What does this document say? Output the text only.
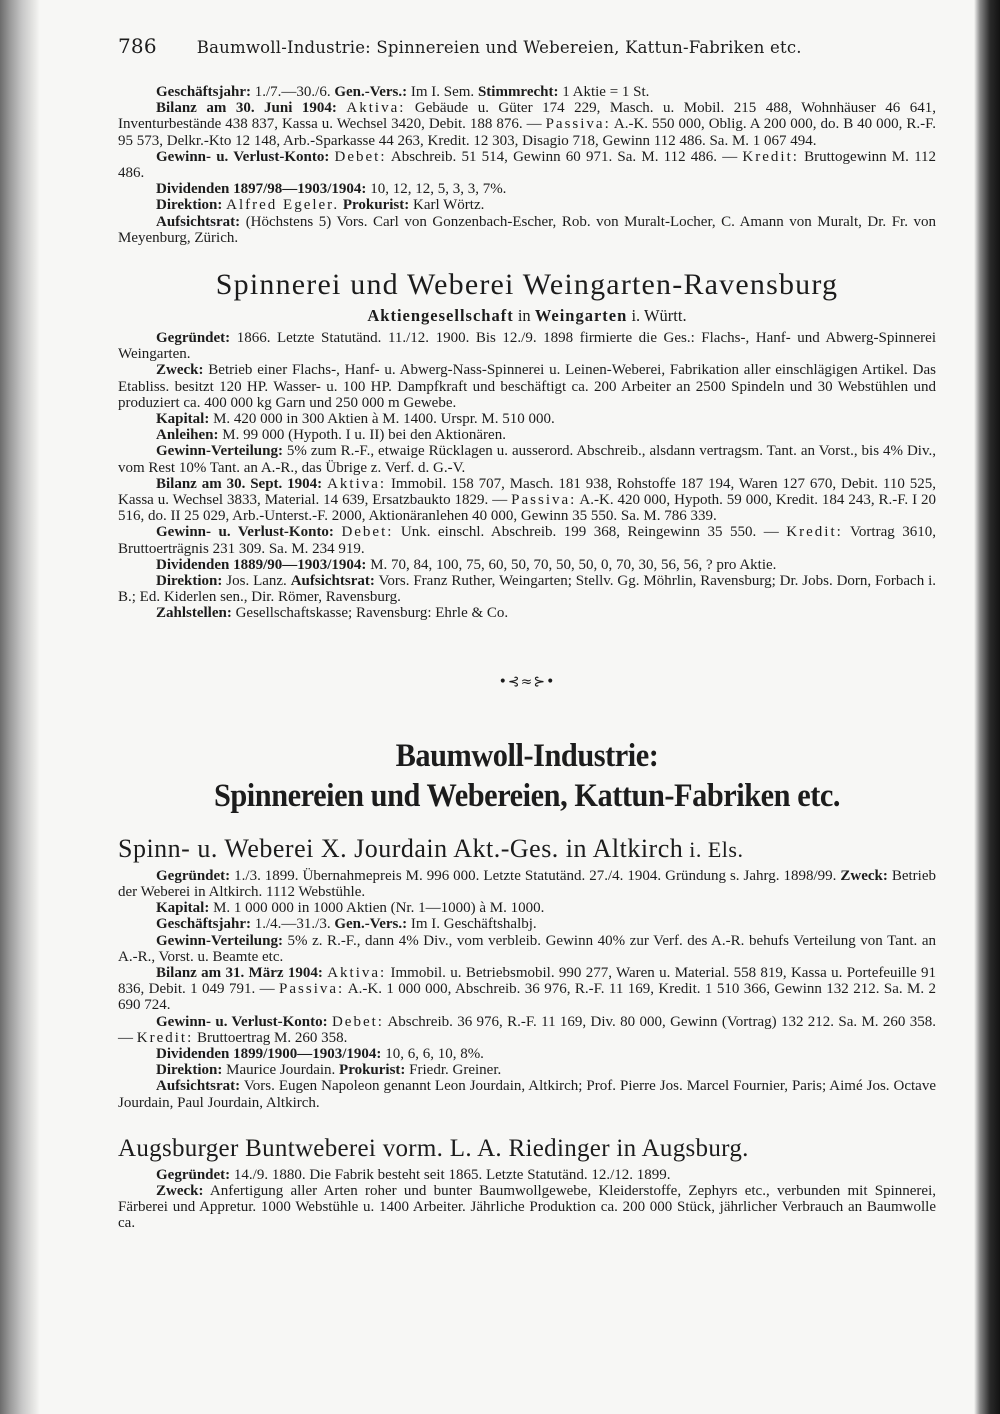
786 Baumwoll-Industrie: Spinnereien und Webereien, Kattun-Fabriken etc.

Geschäftsjahr: 1./7.—30./6. Gen.-Vers.: Im I. Sem. Stimmrecht: 1 Aktie = 1 St.

Bilanz am 30. Juni 1904: Aktiva: Gebäude u. Güter 174 229, Masch. u. Mobil. 215 488, Wohnhäuser 46 641, Inventurbestände 438 837, Kassa u. Wechsel 3420, Debit. 188 876. — Passiva: A.-K. 550 000, Oblig. A 200 000, do. B 40 000, R.-F. 95 573, Delkr.-Kto 12 148, Arb.-Sparkasse 44 263, Kredit. 12 303, Disagio 718, Gewinn 112 486. Sa. M. 1 067 494.

Gewinn- u. Verlust-Konto: Debet: Abschreib. 51 514, Gewinn 60 971. Sa. M. 112 486. — Kredit: Bruttogewinn M. 112 486.

Dividenden 1897/98—1903/1904: 10, 12, 12, 5, 3, 3, 7%.

Direktion: Alfred Egeler. Prokurist: Karl Wörtz.

Aufsichtsrat: (Höchstens 5) Vors. Carl von Gonzenbach-Escher, Rob. von Muralt-Locher, C. Amann von Muralt, Dr. Fr. von Meyenburg, Zürich.

Spinnerei und Weberei Weingarten-Ravensburg
Aktiengesellschaft in Weingarten i. Württ.

Gegründet: 1866. Letzte Statutänd. 11./12. 1900. Bis 12./9. 1898 firmierte die Ges.: Flachs-, Hanf- und Abwerg-Spinnerei Weingarten.

Zweck: Betrieb einer Flachs-, Hanf- u. Abwerg-Nass-Spinnerei u. Leinen-Weberei, Fabrikation aller einschlägigen Artikel. Das Etabliss. besitzt 120 HP. Wasser- u. 100 HP. Dampfkraft und beschäftigt ca. 200 Arbeiter an 2500 Spindeln und 30 Webstühlen und produziert ca. 400 000 kg Garn und 250 000 m Gewebe.

Kapital: M. 420 000 in 300 Aktien à M. 1400. Urspr. M. 510 000.

Anleihen: M. 99 000 (Hypoth. I u. II) bei den Aktionären.

Gewinn-Verteilung: 5% zum R.-F., etwaige Rücklagen u. ausserord. Abschreib., alsdann vertragsm. Tant. an Vorst., bis 4% Div., vom Rest 10% Tant. an A.-R., das Übrige z. Verf. d. G.-V.

Bilanz am 30. Sept. 1904: Aktiva: Immobil. 158 707, Masch. 181 938, Rohstoffe 187 194, Waren 127 670, Debit. 110 525, Kassa u. Wechsel 3833, Material. 14 639, Ersatzbaukto 1829. — Passiva: A.-K. 420 000, Hypoth. 59 000, Kredit. 184 243, R.-F. I 20 516, do. II 25 029, Arb.-Unterst.-F. 2000, Aktionäranlehen 40 000, Gewinn 35 550. Sa. M. 786 339.

Gewinn- u. Verlust-Konto: Debet: Unk. einschl. Abschreib. 199 368, Reingewinn 35 550. — Kredit: Vortrag 3610, Bruttoerträgnis 231 309. Sa. M. 234 919.

Dividenden 1889/90—1903/1904: M. 70, 84, 100, 75, 60, 50, 70, 50, 50, 0, 70, 30, 56, 56, ? pro Aktie.

Direktion: Jos. Lanz. Aufsichtsrat: Vors. Franz Ruther, Weingarten; Stellv. Gg. Möhrlin, Ravensburg; Dr. Jobs. Dorn, Forbach i. B.; Ed. Kiderlen sen., Dir. Römer, Ravensburg.

Zahlstellen: Gesellschaftskasse; Ravensburg: Ehrle & Co.

•⊰≈⊱•
Baumwoll-Industrie:
Spinnereien und Webereien, Kattun-Fabriken etc.
Spinn- u. Weberei X. Jourdain Akt.-Ges. in Altkirch i. Els.

Gegründet: 1./3. 1899. Übernahmepreis M. 996 000. Letzte Statutänd. 27./4. 1904. Gründung s. Jahrg. 1898/99. Zweck: Betrieb der Weberei in Altkirch. 1112 Webstühle.

Kapital: M. 1 000 000 in 1000 Aktien (Nr. 1—1000) à M. 1000.

Geschäftsjahr: 1./4.—31./3. Gen.-Vers.: Im I. Geschäftshalbj.

Gewinn-Verteilung: 5% z. R.-F., dann 4% Div., vom verbleib. Gewinn 40% zur Verf. des A.-R. behufs Verteilung von Tant. an A.-R., Vorst. u. Beamte etc.

Bilanz am 31. März 1904: Aktiva: Immobil. u. Betriebsmobil. 990 277, Waren u. Material. 558 819, Kassa u. Portefeuille 91 836, Debit. 1 049 791. — Passiva: A.-K. 1 000 000, Abschreib. 36 976, R.-F. 11 169, Kredit. 1 510 366, Gewinn 132 212. Sa. M. 2 690 724.

Gewinn- u. Verlust-Konto: Debet: Abschreib. 36 976, R.-F. 11 169, Div. 80 000, Gewinn (Vortrag) 132 212. Sa. M. 260 358. — Kredit: Bruttoertrag M. 260 358.

Dividenden 1899/1900—1903/1904: 10, 6, 6, 10, 8%.

Direktion: Maurice Jourdain. Prokurist: Friedr. Greiner.

Aufsichtsrat: Vors. Eugen Napoleon genannt Leon Jourdain, Altkirch; Prof. Pierre Jos. Marcel Fournier, Paris; Aimé Jos. Octave Jourdain, Paul Jourdain, Altkirch.

Augsburger Buntweberei vorm. L. A. Riedinger in Augsburg.

Gegründet: 14./9. 1880. Die Fabrik besteht seit 1865. Letzte Statutänd. 12./12. 1899.

Zweck: Anfertigung aller Arten roher und bunter Baumwollgewebe, Kleiderstoffe, Zephyrs etc., verbunden mit Spinnerei, Färberei und Appretur. 1000 Webstühle u. 1400 Arbeiter. Jährliche Produktion ca. 200 000 Stück, jährlicher Verbrauch an Baumwolle ca.
